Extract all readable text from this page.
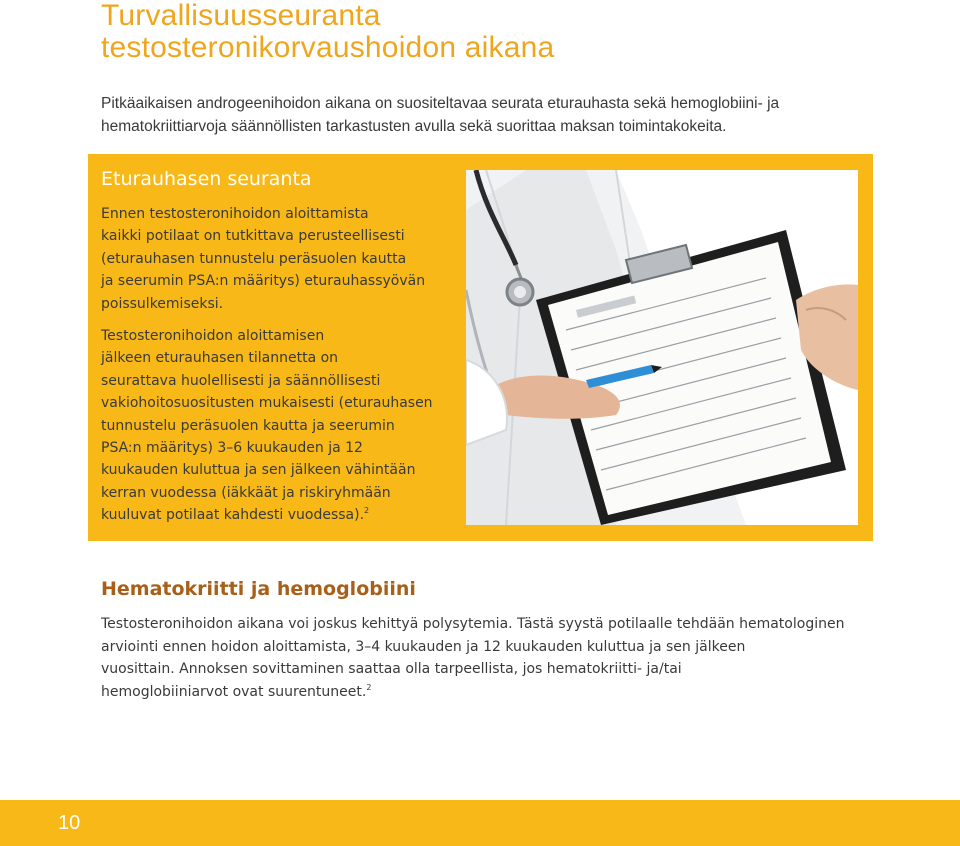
Turvallisuusseuranta
testosteronikorvaushoidon aikana

Pitkäaikaisen androgeenihoidon aikana on suositeltavaa seurata eturauhasta sekä hemoglobiini- ja
hematokriittiarvoja säännöllisten tarkastusten avulla sekä suorittaa maksan toimintakokeita.

Eturauhasen seuranta

Ennen testosteronihoidon aloittamista
kaikki potilaat on tutkittava perusteellisesti
(eturauhasen tunnustelu peräsuolen kautta
ja seerumin PSA:n määritys) eturauhassyövän
poissulkemiseksi.

Testosteronihoidon aloittamisen
jälkeen eturauhasen tilannetta on
seurattava huolellisesti ja säännöllisesti
vakiohoitosuositusten mukaisesti (eturauhasen
tunnustelu peräsuolen kautta ja seerumin
PSA:n määritys) 3–6 kuukauden ja 12
kuukauden kuluttua ja sen jälkeen vähintään
kerran vuodessa (iäkkäät ja riskiryhmään
kuuluvat potilaat kahdesti vuodessa).$^2$

Hematokriitti ja hemoglobiini

Testosteronihoidon aikana voi joskus kehittyä polysytemia. Tästä syystä potilaalle tehdään hematologinen
arviointi ennen hoidon aloittamista, 3–4 kuukauden ja 12 kuukauden kuluttua ja sen jälkeen
vuosittain. Annoksen sovittaminen saattaa olla tarpeellista, jos hematokriitti- ja/tai
hemoglobiiniarvot ovat suurentuneet.$^2$

10
